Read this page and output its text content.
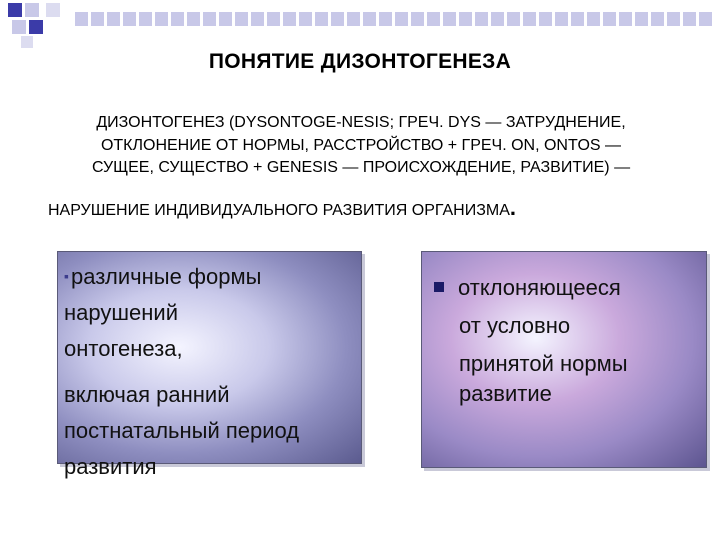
ПОНЯТИЕ ДИЗОНТОГЕНЕЗА
ДИЗОНТОГЕНЕЗ (DYSONTOGE-NESIS; ГРЕЧ. DYS — ЗАТРУДНЕНИЕ,
ОТКЛОНЕНИЕ ОТ НОРМЫ, РАССТРОЙСТВО + ГРЕЧ. ON, ONTOS —
СУЩЕЕ, СУЩЕСТВО + GENESIS — ПРОИСХОЖДЕНИЕ, РАЗВИТИЕ) —
НАРУШЕНИЕ ИНДИВИДУАЛЬНОГО РАЗВИТИЯ ОРГАНИЗМА.
▪различные формы
нарушений
онтогенеза,
включая ранний
постнатальный период
развития
отклоняющееся
от условно
принятой нормы
развитие
